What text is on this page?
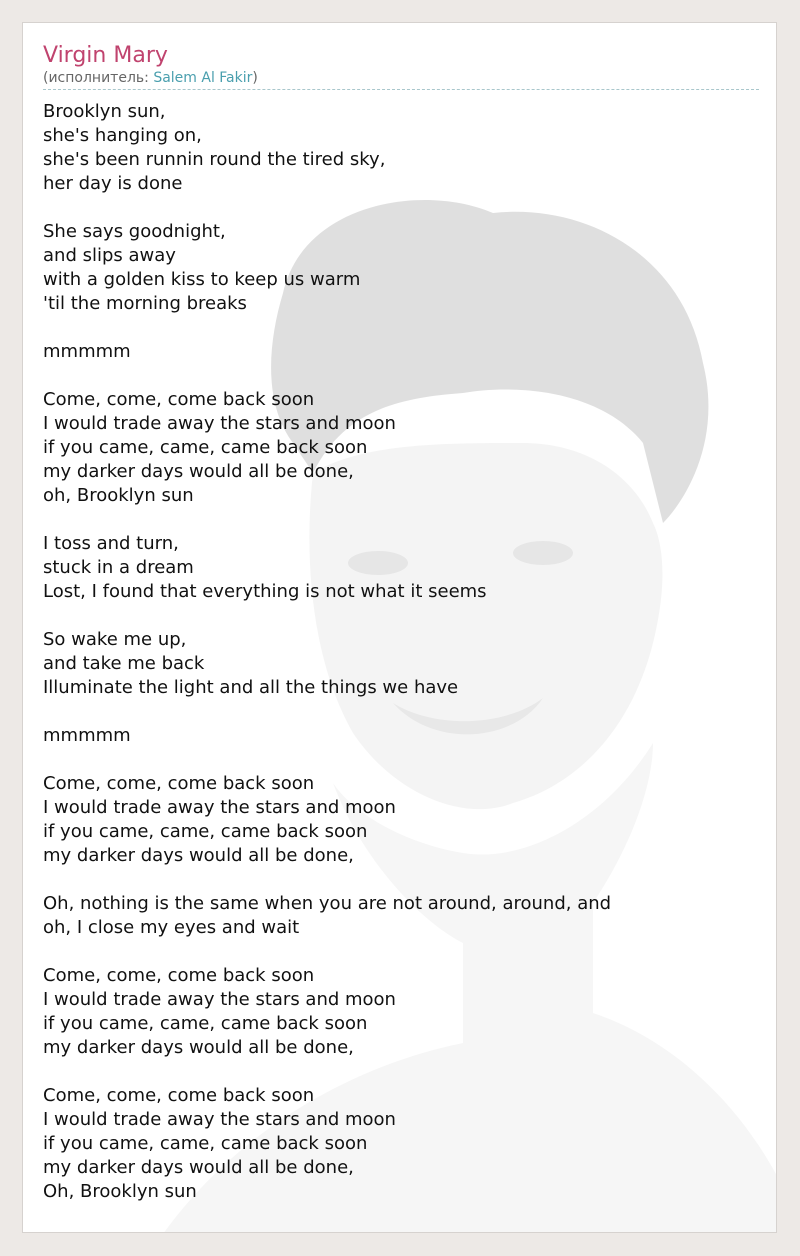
Virgin Mary
(исполнитель: Salem Al Fakir)
Brooklyn sun,
she's hanging on,
she's been runnin round the tired sky,
her day is done
She says goodnight,
and slips away
with a golden kiss to keep us warm
'til the morning breaks
mmmmm
Come, come, come back soon
I would trade away the stars and moon
if you came, came, came back soon
my darker days would all be done,
oh, Brooklyn sun
I toss and turn,
stuck in a dream
Lost, I found that everything is not what it seems
So wake me up,
and take me back
Illuminate the light and all the things we have
mmmmm
Come, come, come back soon
I would trade away the stars and moon
if you came, came, came back soon
my darker days would all be done,
Oh, nothing is the same when you are not around, around, and
oh, I close my eyes and wait
Come, come, come back soon
I would trade away the stars and moon
if you came, came, came back soon
my darker days would all be done,
Come, come, come back soon
I would trade away the stars and moon
if you came, came, came back soon
my darker days would all be done,
Oh, Brooklyn sun
